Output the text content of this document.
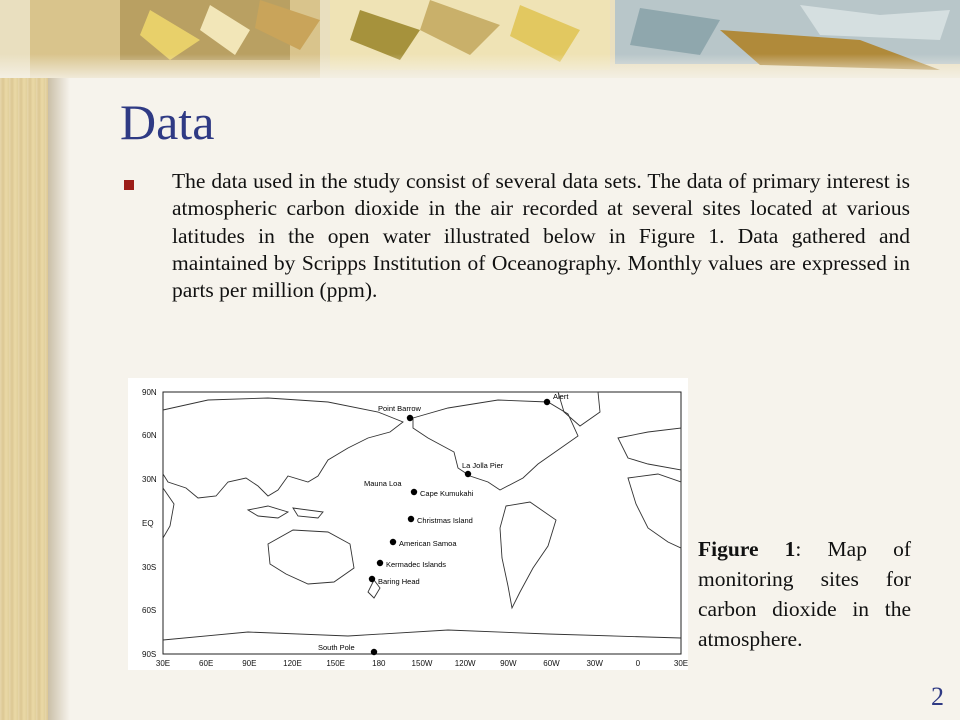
Data
The data used in the study consist of several data sets. The data of primary interest is atmospheric carbon dioxide in the air recorded at several sites located at various latitudes in the open water illustrated below in Figure 1. Data gathered and maintained by Scripps Institution of Oceanography. Monthly values are expressed in parts per million (ppm).
90N
60N
30N
EQ
30S
60S
90S
30E	60E	90E	120E	150E	180	150W	120W	90W	60W	30W	0	30E
Alert
Point Barrow
La Jolla Pier
Mauna Loa
Cape Kumukahi
Christmas Island
American Samoa
Kermadec Islands
Baring Head
South Pole
Figure 1: Map of monitoring sites for carbon dioxide in the atmosphere.
2
